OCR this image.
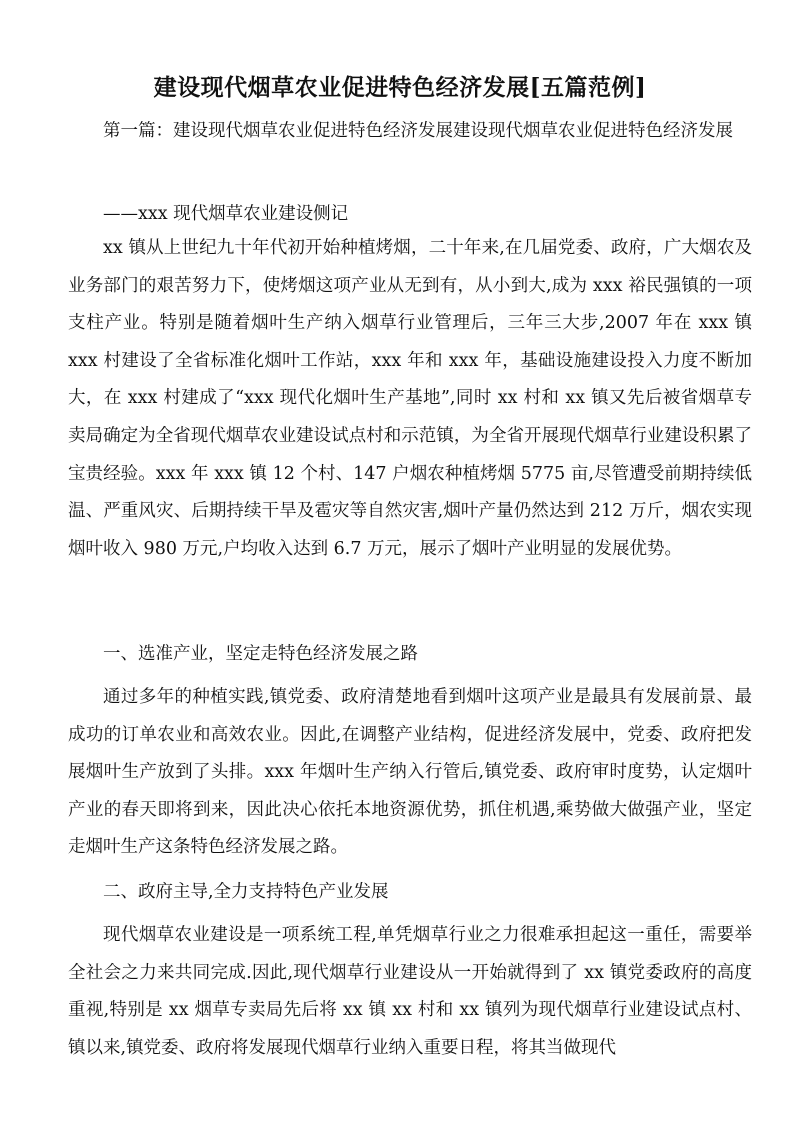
建设现代烟草农业促进特色经济发展[五篇范例]

第一篇：建设现代烟草农业促进特色经济发展建设现代烟草农业促进特色经济发展

——xxx 现代烟草农业建设侧记

xx 镇从上世纪九十年代初开始种植烤烟，二十年来,在几届党委、政府，广大烟农及业务部门的艰苦努力下，使烤烟这项产业从无到有，从小到大,成为 xxx 裕民强镇的一项支柱产业。特别是随着烟叶生产纳入烟草行业管理后，三年三大步,2007 年在 xxx 镇 xxx 村建设了全省标准化烟叶工作站，xxx 年和 xxx 年，基础设施建设投入力度不断加大，在 xxx 村建成了“xxx 现代化烟叶生产基地”,同时 xx 村和 xx 镇又先后被省烟草专卖局确定为全省现代烟草农业建设试点村和示范镇，为全省开展现代烟草行业建设积累了宝贵经验。xxx 年 xxx 镇 12 个村、147 户烟农种植烤烟 5775 亩,尽管遭受前期持续低温、严重风灾、后期持续干旱及雹灾等自然灾害,烟叶产量仍然达到 212 万斤，烟农实现烟叶收入 980 万元,户均收入达到 6.7 万元，展示了烟叶产业明显的发展优势。

一、选准产业，坚定走特色经济发展之路

通过多年的种植实践,镇党委、政府清楚地看到烟叶这项产业是最具有发展前景、最成功的订单农业和高效农业。因此,在调整产业结构，促进经济发展中，党委、政府把发展烟叶生产放到了头排。xxx 年烟叶生产纳入行管后,镇党委、政府审时度势，认定烟叶产业的春天即将到来，因此决心依托本地资源优势，抓住机遇,乘势做大做强产业，坚定走烟叶生产这条特色经济发展之路。

二、政府主导,全力支持特色产业发展

现代烟草农业建设是一项系统工程,单凭烟草行业之力很难承担起这一重任，需要举全社会之力来共同完成.因此,现代烟草行业建设从一开始就得到了 xx 镇党委政府的高度重视,特别是 xx 烟草专卖局先后将 xx 镇 xx 村和 xx 镇列为现代烟草行业建设试点村、镇以来,镇党委、政府将发展现代烟草行业纳入重要日程，将其当做现代
